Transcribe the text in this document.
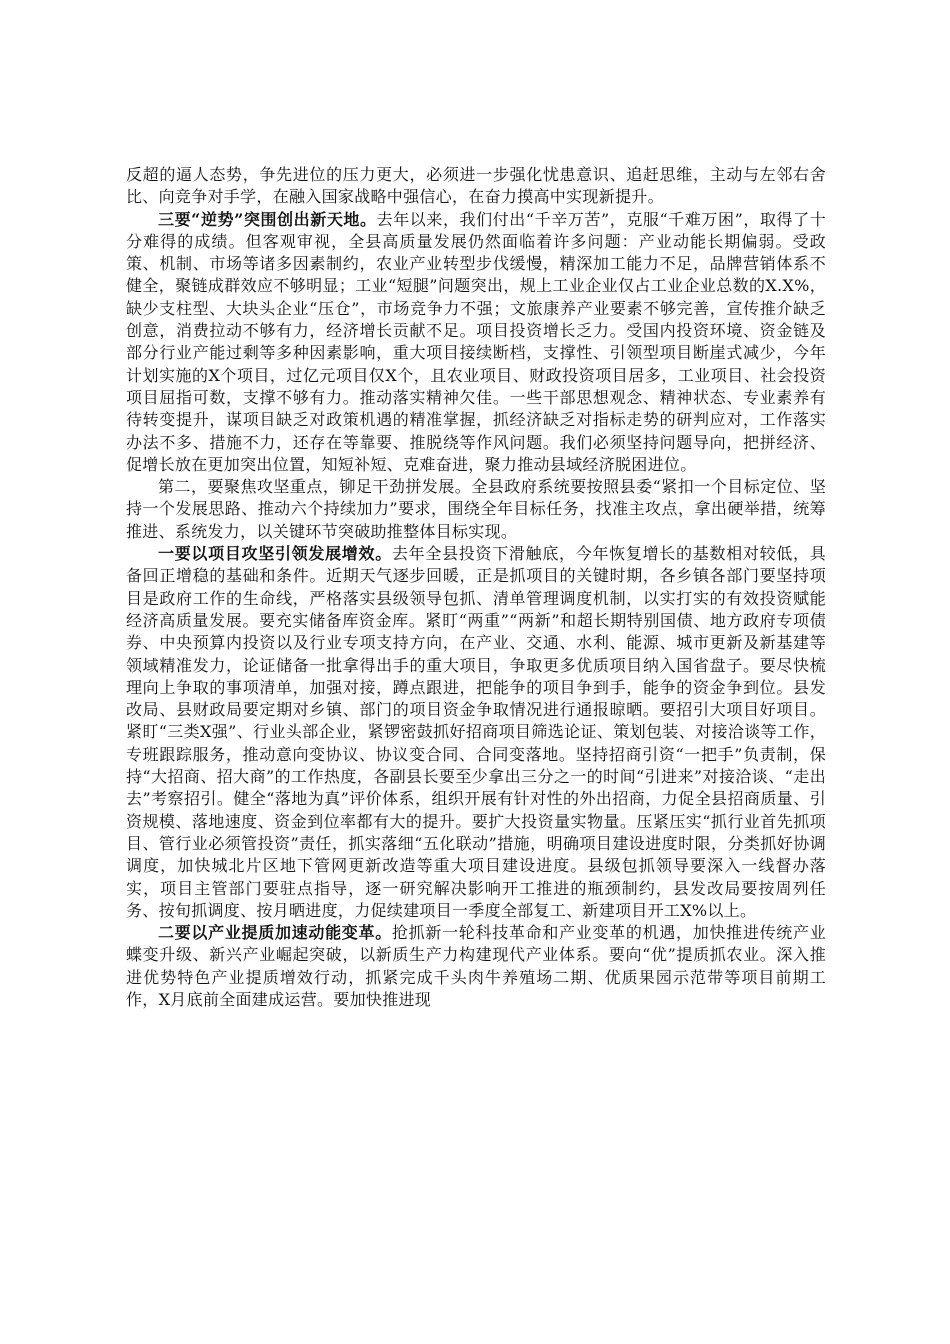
反超的逼人态势，争先进位的压力更大，必须进一步强化忧患意识、追赶思维，主动与左邻右舍比、向竞争对手学，在融入国家战略中强信心，在奋力摸高中实现新提升。

三要“逆势”突围创出新天地。去年以来，我们付出“千辛万苦”，克服“千难万困”，取得了十分难得的成绩。但客观审视，全县高质量发展仍然面临着许多问题：产业动能长期偏弱。受政策、机制、市场等诸多因素制约，农业产业转型步伐缓慢，精深加工能力不足，品牌营销体系不健全，聚链成群效应不够明显；工业“短腿”问题突出，规上工业企业仅占工业企业总数的X.X%，缺少支柱型、大块头企业“压仓”，市场竞争力不强；文旅康养产业要素不够完善，宣传推介缺乏创意，消费拉动不够有力，经济增长贡献不足。项目投资增长乏力。受国内投资环境、资金链及部分行业产能过剩等多种因素影响，重大项目接续断档，支撑性、引领型项目断崖式减少，今年计划实施的X个项目，过亿元项目仅X个，且农业项目、财政投资项目居多，工业项目、社会投资项目屈指可数，支撑不够有力。推动落实精神欠佳。一些干部思想观念、精神状态、专业素养有待转变提升，谋项目缺乏对政策机遇的精准掌握，抓经济缺乏对指标走势的研判应对，工作落实办法不多、措施不力，还存在等靠要、推脱绕等作风问题。我们必须坚持问题导向，把拼经济、促增长放在更加突出位置，知短补短、克难奋进，聚力推动县域经济脱困进位。

第二，要聚焦攻坚重点，铆足干劲拼发展。全县政府系统要按照县委“紧扣一个目标定位、坚持一个发展思路、推动六个持续加力”要求，围绕全年目标任务，找准主攻点，拿出硬举措，统筹推进、系统发力，以关键环节突破助推整体目标实现。

一要以项目攻坚引领发展增效。去年全县投资下滑触底，今年恢复增长的基数相对较低，具备回正增稳的基础和条件。近期天气逐步回暖，正是抓项目的关键时期，各乡镇各部门要坚持项目是政府工作的生命线，严格落实县级领导包抓、清单管理调度机制，以实打实的有效投资赋能经济高质量发展。要充实储备库资金库。紧盯“两重”“两新”和超长期特别国债、地方政府专项债券、中央预算内投资以及行业专项支持方向，在产业、交通、水利、能源、城市更新及新基建等领域精准发力，论证储备一批拿得出手的重大项目，争取更多优质项目纳入国省盘子。要尽快梳理向上争取的事项清单，加强对接，蹲点跟进，把能争的项目争到手，能争的资金争到位。县发改局、县财政局要定期对乡镇、部门的项目资金争取情况进行通报晾晒。要招引大项目好项目。紧盯“三类X强”、行业头部企业，紧锣密鼓抓好招商项目筛选论证、策划包装、对接洽谈等工作，专班跟踪服务，推动意向变协议、协议变合同、合同变落地。坚持招商引资“一把手”负责制，保持“大招商、招大商”的工作热度，各副县长要至少拿出三分之一的时间“引进来”对接洽谈、“走出去”考察招引。健全“落地为真”评价体系，组织开展有针对性的外出招商，力促全县招商质量、引资规模、落地速度、资金到位率都有大的提升。要扩大投资量实物量。压紧压实“抓行业首先抓项目、管行业必须管投资”责任，抓实落细“五化联动”措施，明确项目建设进度时限，分类抓好协调调度，加快城北片区地下管网更新改造等重大项目建设进度。县级包抓领导要深入一线督办落实，项目主管部门要驻点指导，逐一研究解决影响开工推进的瓶颈制约，县发改局要按周列任务、按旬抓调度、按月晒进度，力促续建项目一季度全部复工、新建项目开工X%以上。

二要以产业提质加速动能变革。抢抓新一轮科技革命和产业变革的机遇，加快推进传统产业蝶变升级、新兴产业崛起突破，以新质生产力构建现代产业体系。要向“优”提质抓农业。深入推进优势特色产业提质增效行动，抓紧完成千头肉牛养殖场二期、优质果园示范带等项目前期工作，X月底前全面建成运营。要加快推进现
